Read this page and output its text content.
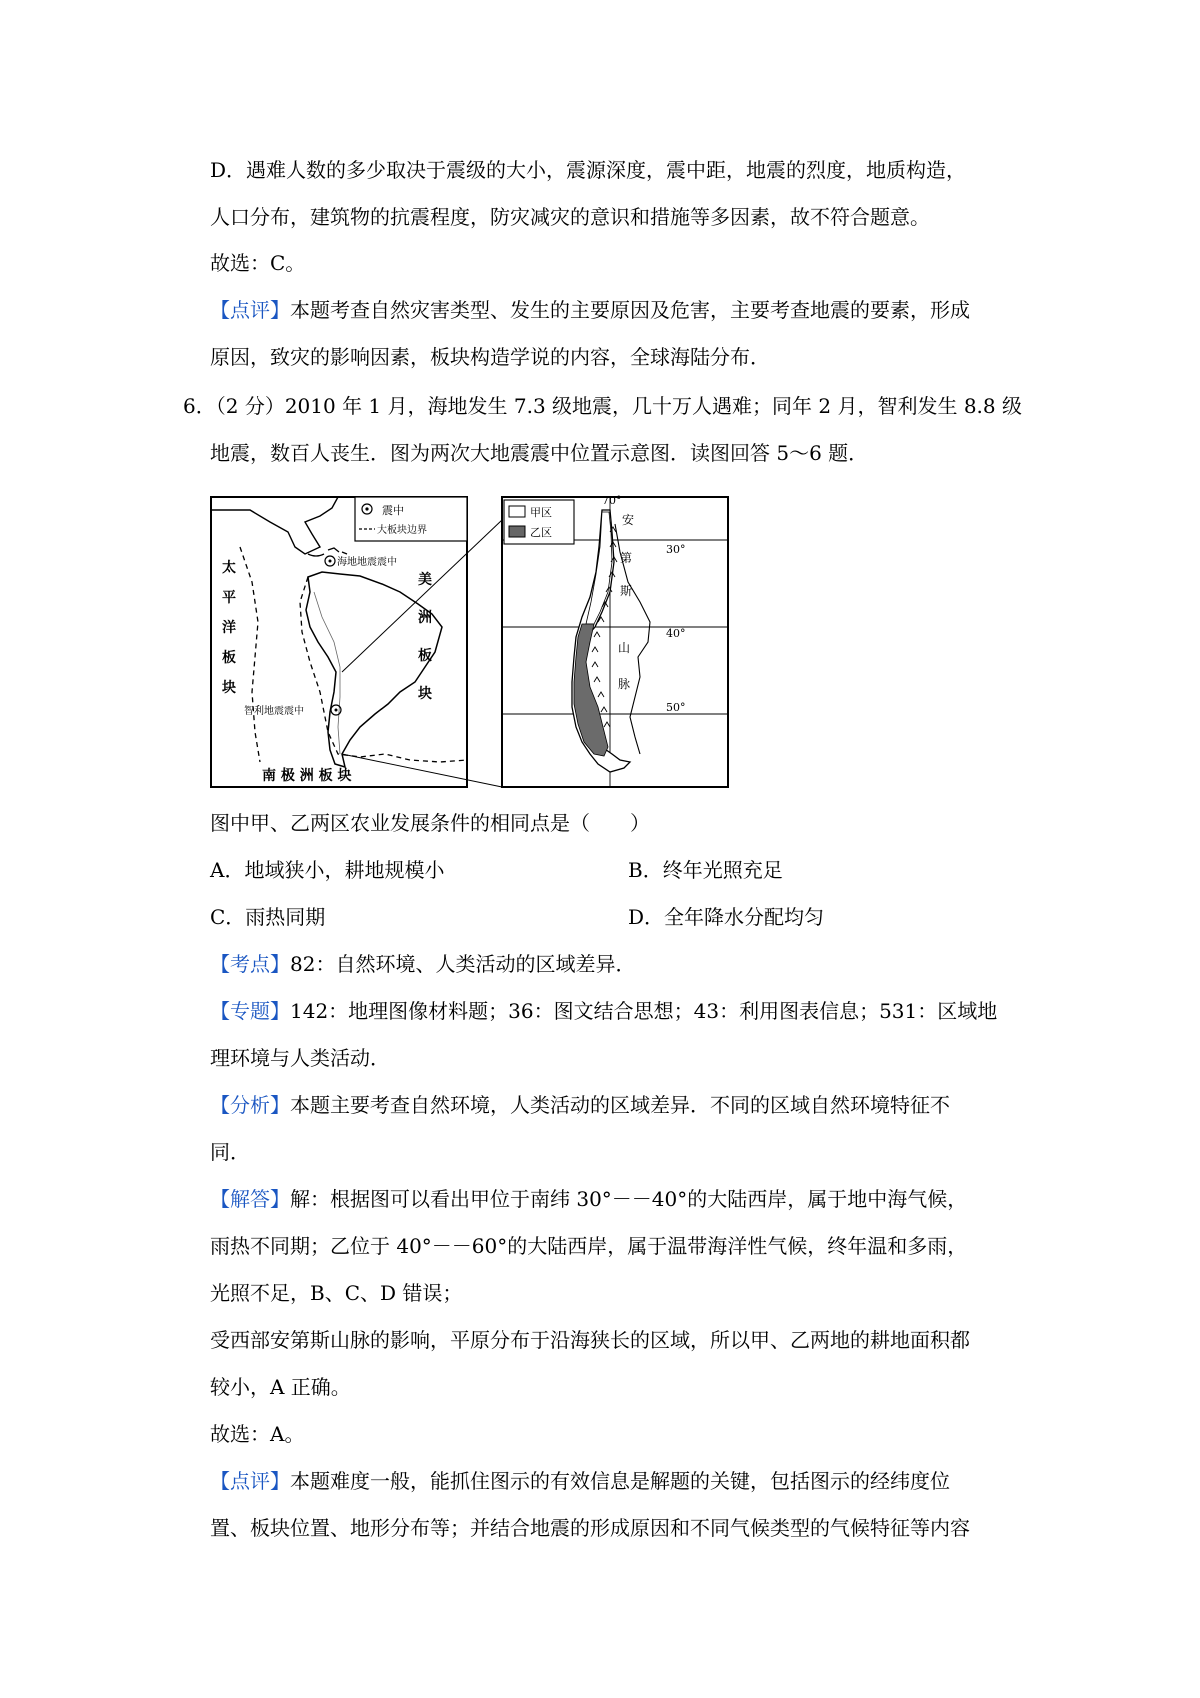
D．遇难人数的多少取决于震级的大小，震源深度，震中距，地震的烈度，地质构造，
人口分布，建筑物的抗震程度，防灾减灾的意识和措施等多因素，故不符合题意。
故选：C。
【点评】本题考查自然灾害类型、发生的主要原因及危害，主要考查地震的要素，形成
原因，致灾的影响因素，板块构造学说的内容，全球海陆分布．
6．（2 分）2010 年 1 月，海地发生 7.3 级地震，几十万人遇难；同年 2 月，智利发生 8.8 级
地震，数百人丧生．图为两次大地震震中位置示意图．读图回答 5～6 题．
震中
大板块边界
海地地震震中
智利地震震中
太
平
洋
板
块
美
洲
板
块
南 极 洲 板 块
70°
30°
40°
50°
甲区
乙区
安
第
斯
山
脉
图中甲、乙两区农业发展条件的相同点是（　　）
A．地域狭小，耕地规模小	B．终年光照充足
C．雨热同期	D．全年降水分配均匀
【考点】82：自然环境、人类活动的区域差异．
【专题】142：地理图像材料题；36：图文结合思想；43：利用图表信息；531：区域地
理环境与人类活动．
【分析】本题主要考查自然环境，人类活动的区域差异．不同的区域自然环境特征不
同．
【解答】解：根据图可以看出甲位于南纬 30°－－40°的大陆西岸，属于地中海气候，
雨热不同期；乙位于 40°－－60°的大陆西岸，属于温带海洋性气候，终年温和多雨，
光照不足，B、C、D 错误；
受西部安第斯山脉的影响，平原分布于沿海狭长的区域，所以甲、乙两地的耕地面积都
较小，A 正确。
故选：A。
【点评】本题难度一般，能抓住图示的有效信息是解题的关键，包括图示的经纬度位
置、板块位置、地形分布等；并结合地震的形成原因和不同气候类型的气候特征等内容
